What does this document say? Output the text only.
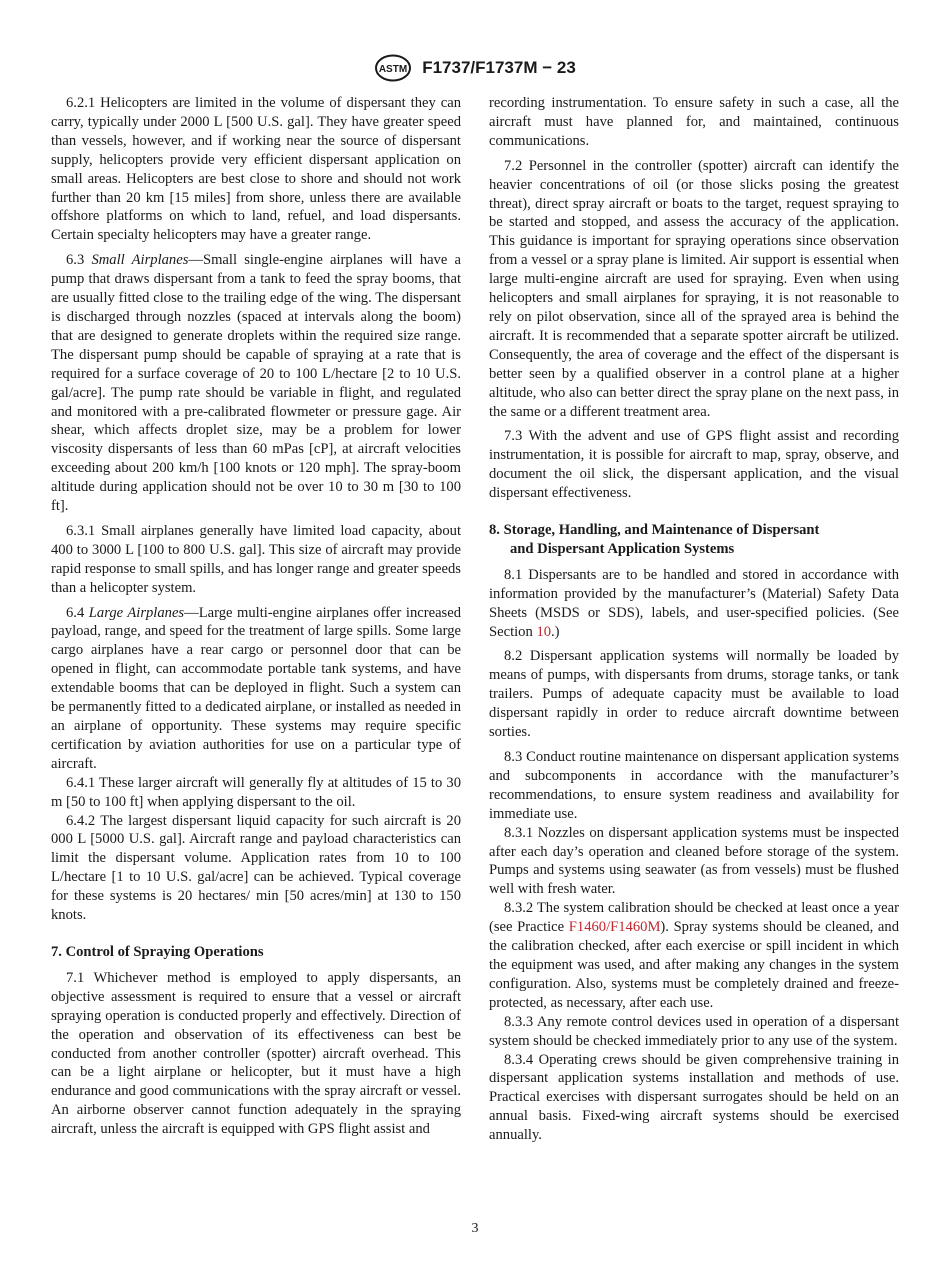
ASTM F1737/F1737M − 23

6.2.1 Helicopters are limited in the volume of dispersant they can carry, typically under 2000 L [500 U.S. gal]. They have greater speed than vessels, however, and if working near the source of dispersant supply, helicopters provide very efficient dispersant application on small areas. Helicopters are best close to shore and should not work further than 20 km [15 miles] from shore, unless there are available offshore platforms on which to land, refuel, and load dispersants. Certain specialty helicopters may have a greater range.

6.3 Small Airplanes—Small single-engine airplanes will have a pump that draws dispersant from a tank to feed the spray booms, that are usually fitted close to the trailing edge of the wing. The dispersant is discharged through nozzles (spaced at intervals along the boom) that are designed to generate droplets within the required size range. The dispersant pump should be capable of spraying at a rate that is required for a surface coverage of 20 to 100 L/hectare [2 to 10 U.S. gal/acre]. The pump rate should be variable in flight, and regulated and monitored with a pre-calibrated flowmeter or pressure gage. Air shear, which affects droplet size, may be a problem for lower viscosity dispersants of less than 60 mPas [cP], at aircraft velocities exceeding about 200 km/h [100 knots or 120 mph]. The spray-boom altitude during application should not be over 10 to 30 m [30 to 100 ft].

6.3.1 Small airplanes generally have limited load capacity, about 400 to 3000 L [100 to 800 U.S. gal]. This size of aircraft may provide rapid response to small spills, and has longer range and greater speeds than a helicopter system.

6.4 Large Airplanes—Large multi-engine airplanes offer increased payload, range, and speed for the treatment of large spills. Some large cargo airplanes have a rear cargo or personnel door that can be opened in flight, can accommodate portable tank systems, and have extendable booms that can be deployed in flight. Such a system can be permanently fitted to a dedicated airplane, or installed as needed in an airplane of opportunity. These systems may require specific certification by aviation authorities for use on a particular type of aircraft.

6.4.1 These larger aircraft will generally fly at altitudes of 15 to 30 m [50 to 100 ft] when applying dispersant to the oil.

6.4.2 The largest dispersant liquid capacity for such aircraft is 20 000 L [5000 U.S. gal]. Aircraft range and payload characteristics can limit the dispersant volume. Application rates from 10 to 100 L/hectare [1 to 10 U.S. gal/acre] can be achieved. Typical coverage for these systems is 20 hectares/ min [50 acres/min] at 130 to 150 knots.

7. Control of Spraying Operations

7.1 Whichever method is employed to apply dispersants, an objective assessment is required to ensure that a vessel or aircraft spraying operation is conducted properly and effectively. Direction of the operation and observation of its effectiveness can best be conducted from another controller (spotter) aircraft overhead. This can be a light airplane or helicopter, but it must have a high endurance and good communications with the spray aircraft or vessel. An airborne observer cannot function adequately in the spraying aircraft, unless the aircraft is equipped with GPS flight assist and

recording instrumentation. To ensure safety in such a case, all the aircraft must have planned for, and maintained, continuous communications.

7.2 Personnel in the controller (spotter) aircraft can identify the heavier concentrations of oil (or those slicks posing the greatest threat), direct spray aircraft or boats to the target, request spraying to be started and stopped, and assess the accuracy of the application. This guidance is important for spraying operations since observation from a vessel or a spray plane is limited. Air support is essential when large multi-engine aircraft are used for spraying. Even when using helicopters and small airplanes for spraying, it is not reasonable to rely on pilot observation, since all of the sprayed area is behind the aircraft. It is recommended that a separate spotter aircraft be utilized. Consequently, the area of coverage and the effect of the dispersant is better seen by a qualified observer in a control plane at a higher altitude, who also can better direct the spray plane on the next pass, in the same or a different treatment area.

7.3 With the advent and use of GPS flight assist and recording instrumentation, it is possible for aircraft to map, spray, observe, and document the oil slick, the dispersant application, and the visual dispersant effectiveness.

8. Storage, Handling, and Maintenance of Dispersant
and Dispersant Application Systems

8.1 Dispersants are to be handled and stored in accordance with information provided by the manufacturer’s (Material) Safety Data Sheets (MSDS or SDS), labels, and user-specified policies. (See Section 10.)

8.2 Dispersant application systems will normally be loaded by means of pumps, with dispersants from drums, storage tanks, or tank trailers. Pumps of adequate capacity must be available to load dispersant rapidly in order to reduce aircraft downtime between sorties.

8.3 Conduct routine maintenance on dispersant application systems and subcomponents in accordance with the manufacturer’s recommendations, to ensure system readiness and availability for immediate use.

8.3.1 Nozzles on dispersant application systems must be inspected after each day’s operation and cleaned before storage of the system. Pumps and systems using seawater (as from vessels) must be flushed well with fresh water.

8.3.2 The system calibration should be checked at least once a year (see Practice F1460/F1460M). Spray systems should be cleaned, and the calibration checked, after each exercise or spill incident in which the equipment was used, and after making any changes in the system configuration. Also, systems must be completely drained and freeze-protected, as necessary, after each use.

8.3.3 Any remote control devices used in operation of a dispersant system should be checked immediately prior to any use of the system.

8.3.4 Operating crews should be given comprehensive training in dispersant application systems installation and methods of use. Practical exercises with dispersant surrogates should be held on an annual basis. Fixed-wing aircraft systems should be exercised annually.

3
